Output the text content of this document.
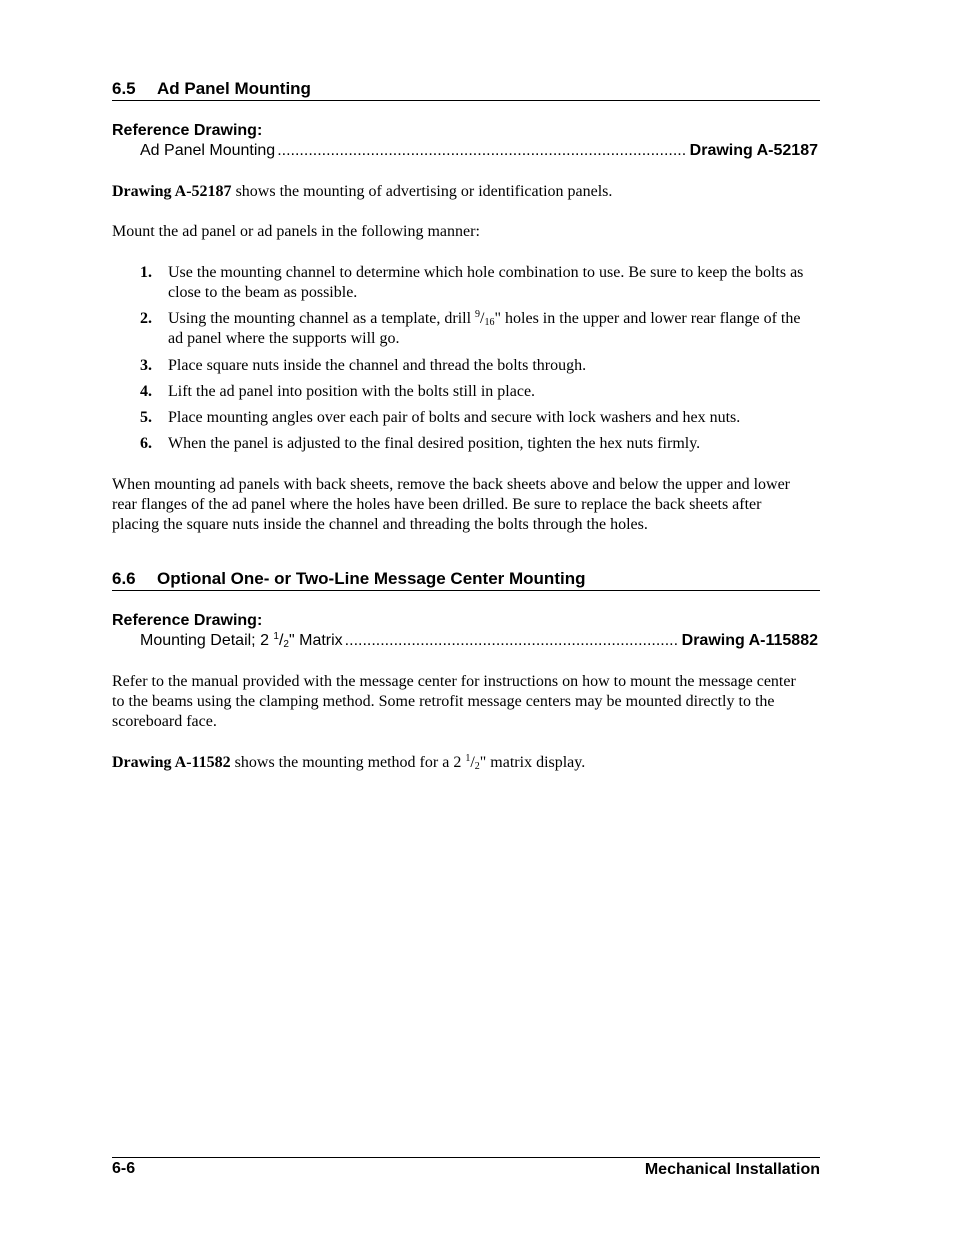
6.5 Ad Panel Mounting
Reference Drawing:
Ad Panel Mounting .....	Drawing A-52187
Drawing A-52187 shows the mounting of advertising or identification panels.
Mount the ad panel or ad panels in the following manner:
1. Use the mounting channel to determine which hole combination to use. Be sure to keep the bolts as close to the beam as possible.
2. Using the mounting channel as a template, drill $^9/_{16}$" holes in the upper and lower rear flange of the ad panel where the supports will go.
3. Place square nuts inside the channel and thread the bolts through.
4. Lift the ad panel into position with the bolts still in place.
5. Place mounting angles over each pair of bolts and secure with lock washers and hex nuts.
6. When the panel is adjusted to the final desired position, tighten the hex nuts firmly.
When mounting ad panels with back sheets, remove the back sheets above and below the upper and lower rear flanges of the ad panel where the holes have been drilled. Be sure to replace the back sheets after placing the square nuts inside the channel and threading the bolts through the holes.
6.6 Optional One- or Two-Line Message Center Mounting
Reference Drawing:
Mounting Detail; 2 $^1/_2$" Matrix .....	Drawing A-115882
Refer to the manual provided with the message center for instructions on how to mount the message center to the beams using the clamping method. Some retrofit message centers may be mounted directly to the scoreboard face.
Drawing A-11582 shows the mounting method for a 2 $^1/_2$" matrix display.
6-6	Mechanical Installation
